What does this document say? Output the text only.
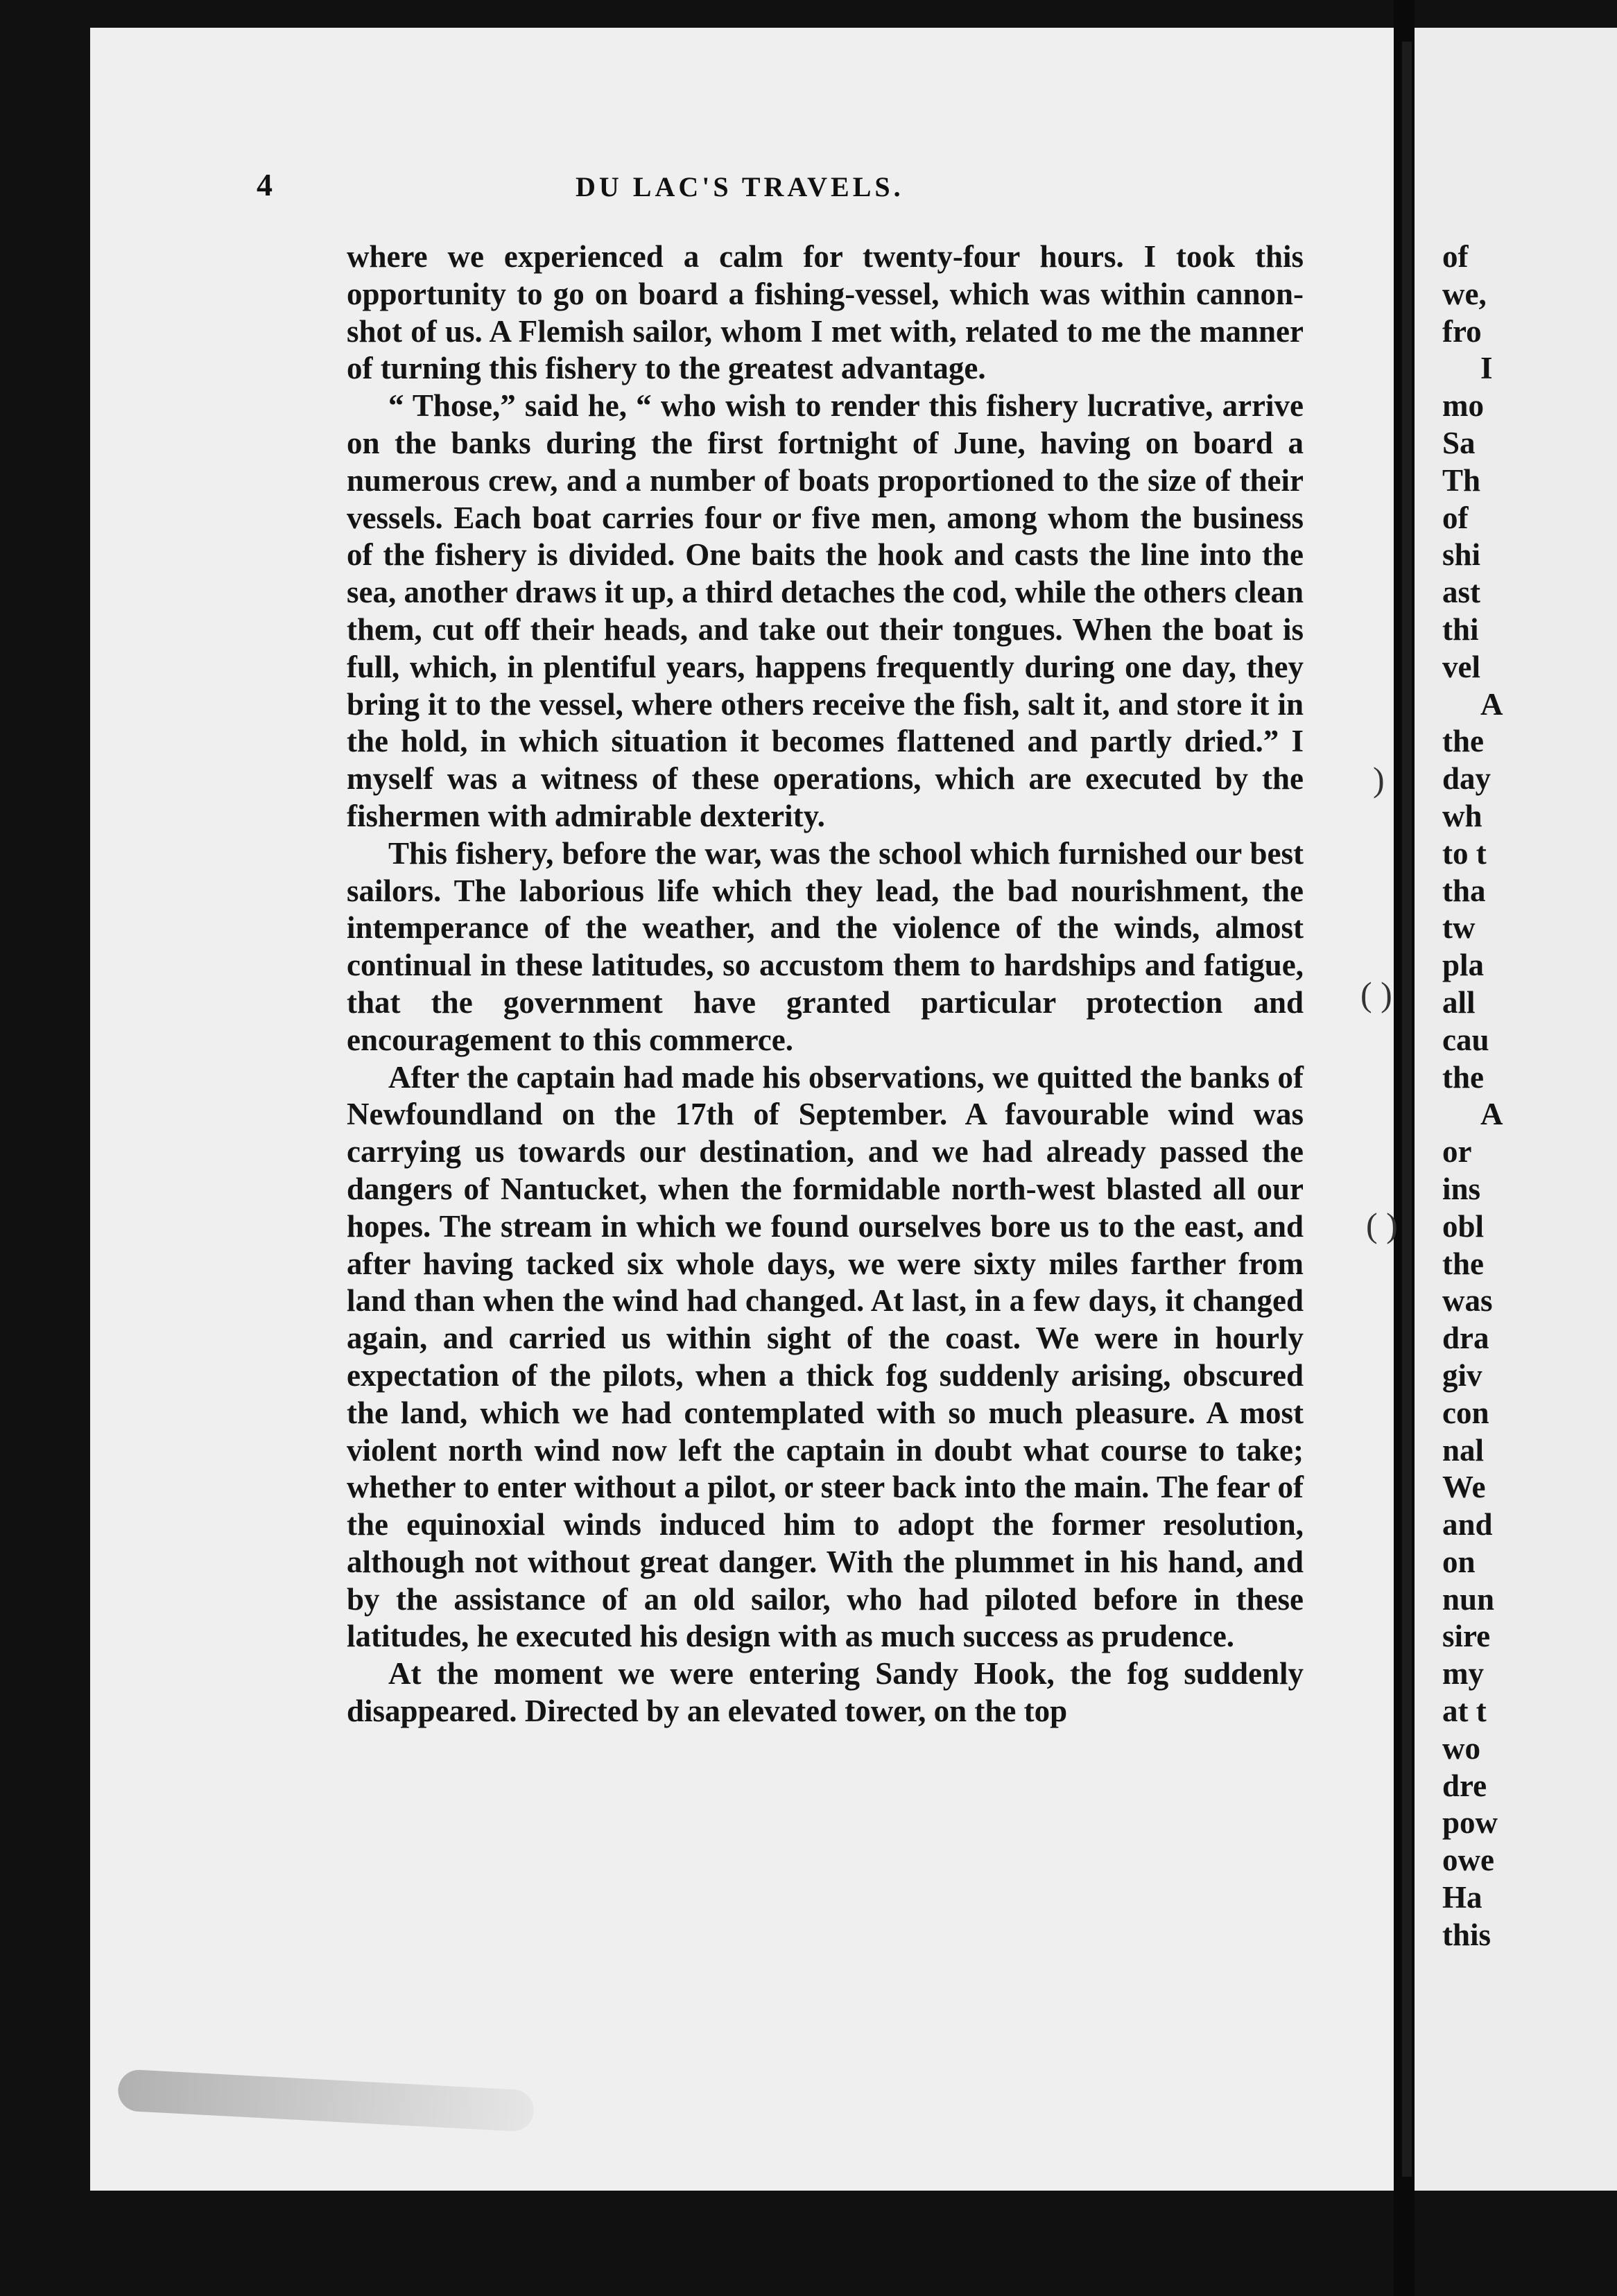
4	DU LAC'S TRAVELS.

where we experienced a calm for twenty-four hours. I took this opportunity to go on board a fishing-vessel, which was within cannon-shot of us. A Flemish sailor, whom I met with, related to me the manner of turning this fishery to the greatest advantage.

“ Those,” said he, “ who wish to render this fishery lucrative, arrive on the banks during the first fortnight of June, having on board a numerous crew, and a number of boats proportioned to the size of their vessels. Each boat carries four or five men, among whom the business of the fishery is divided. One baits the hook and casts the line into the sea, another draws it up, a third detaches the cod, while the others clean them, cut off their heads, and take out their tongues. When the boat is full, which, in plentiful years, happens frequently during one day, they bring it to the vessel, where others receive the fish, salt it, and store it in the hold, in which situation it becomes flattened and partly dried.” I myself was a witness of these operations, which are executed by the fishermen with admirable dexterity.

This fishery, before the war, was the school which furnished our best sailors. The laborious life which they lead, the bad nourishment, the intemperance of the weather, and the violence of the winds, almost continual in these latitudes, so accustom them to hardships and fatigue, that the government have granted particular protection and encouragement to this commerce.

After the captain had made his observations, we quitted the banks of Newfoundland on the 17th of September. A favourable wind was carrying us towards our destination, and we had already passed the dangers of Nantucket, when the formidable north-west blasted all our hopes. The stream in which we found ourselves bore us to the east, and after having tacked six whole days, we were sixty miles farther from land than when the wind had changed. At last, in a few days, it changed again, and carried us within sight of the coast. We were in hourly expectation of the pilots, when a thick fog suddenly arising, obscured the land, which we had contemplated with so much pleasure. A most violent north wind now left the captain in doubt what course to take; whether to enter without a pilot, or steer back into the main. The fear of the equinoxial winds induced him to adopt the former resolution, although not without great danger. With the plummet in his hand, and by the assistance of an old sailor, who had piloted before in these latitudes, he executed his design with as much success as prudence.

At the moment we were entering Sandy Hook, the fog suddenly disappeared. Directed by an elevated tower, on the top

)
( )
( )
of
we,
fro
I
mo
Sa
Th
of
shi
ast
thi
vel
A
the
day
wh
to t
tha
tw
pla
all
cau
the
A
or
ins
obl
the
was
dra
giv
con
nal
We
and
on
nun
sire
my
at t
wo
dre
pow
owe
Ha
this
